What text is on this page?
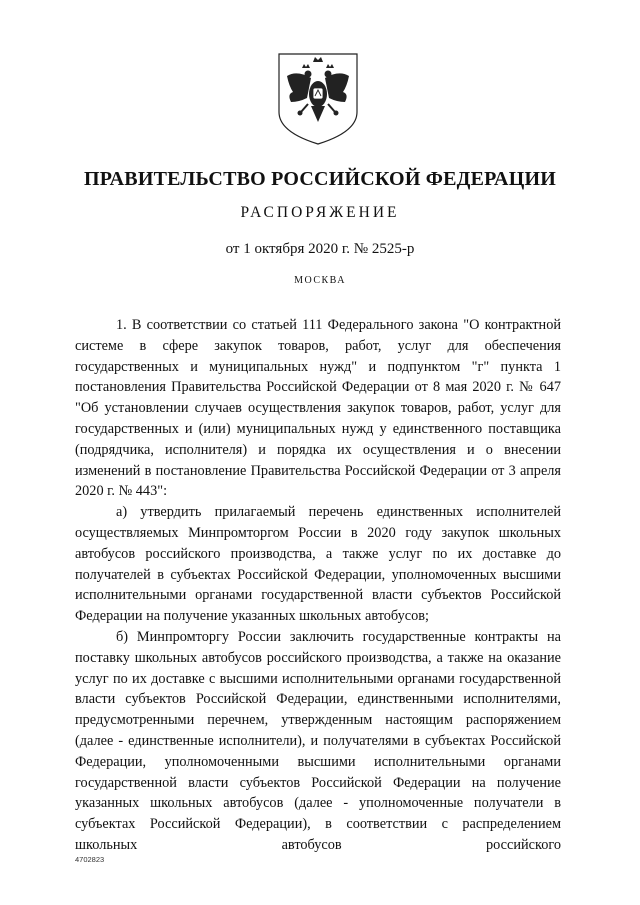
ПРАВИТЕЛЬСТВО РОССИЙСКОЙ ФЕДЕРАЦИИ
РАСПОРЯЖЕНИЕ
от 1 октября 2020 г. № 2525-р
МОСКВА

1. В соответствии со статьей 111 Федерального закона "О контрактной системе в сфере закупок товаров, работ, услуг для обеспечения государственных и муниципальных нужд" и подпунктом "г" пункта 1 постановления Правительства Российской Федерации от 8 мая 2020 г. № 647 "Об установлении случаев осуществления закупок товаров, работ, услуг для государственных и (или) муниципальных нужд у единственного поставщика (подрядчика, исполнителя) и порядка их осуществления и о внесении изменений в постановление Правительства Российской Федерации от 3 апреля 2020 г. № 443":

а) утвердить прилагаемый перечень единственных исполнителей осуществляемых Минпромторгом России в 2020 году закупок школьных автобусов российского производства, а также услуг по их доставке до получателей в субъектах Российской Федерации, уполномоченных высшими исполнительными органами государственной власти субъектов Российской Федерации на получение указанных школьных автобусов;

б) Минпромторгу России заключить государственные контракты на поставку школьных автобусов российского производства, а также на оказание услуг по их доставке с высшими исполнительными органами государственной власти субъектов Российской Федерации, единственными исполнителями, предусмотренными перечнем, утвержденным настоящим распоряжением (далее - единственные исполнители), и получателями в субъектах Российской Федерации, уполномоченными высшими исполнительными органами государственной власти субъектов Российской Федерации на получение указанных школьных автобусов (далее - уполномоченные получатели в субъектах Российской Федерации), в соответствии с распределением школьных автобусов российского

4702823
